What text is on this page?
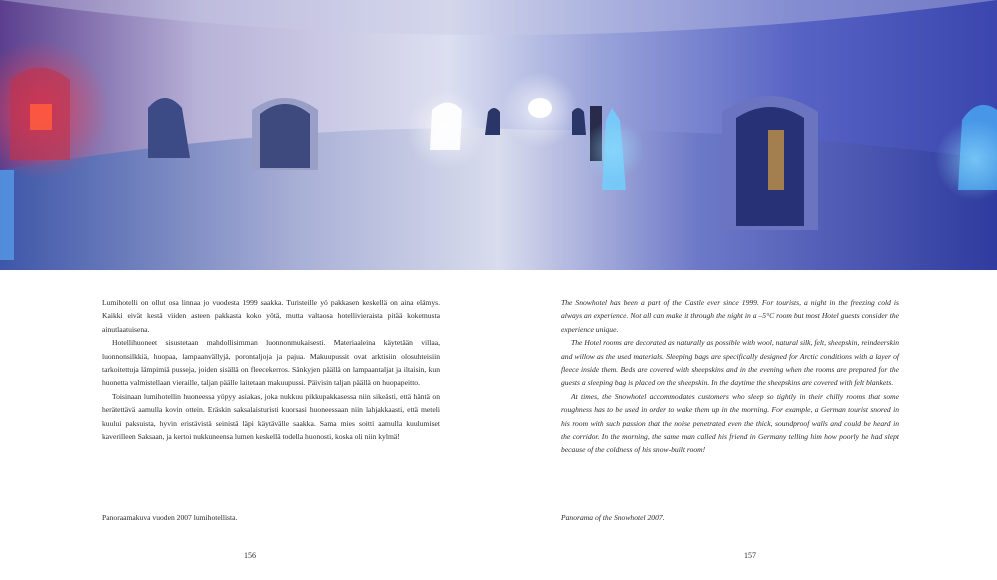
Lumihotelli on ollut osa linnaa jo vuodesta 1999 saakka. Turisteille yö pakkasen keskellä on aina elämys. Kaikki eivät kestä viiden asteen pakkasta koko yötä, mutta valtaosa hotellivieraista pitää kokemusta ainutlaatuisena.

Hotellihuoneet sisustetaan mahdollisimman luonnonmukaisesti. Materiaaleina käytetään villaa, luonnonsilkkiä, huopaa, lampaanvällyjä, porontaljoja ja pajua. Makuupussit ovat arktisiin olosuhteisiin tarkoitettuja lämpimiä pusseja, joiden sisällä on fleecekerros. Sänkyjen päällä on lampaantaljat ja iltaisin, kun huonetta valmistellaan vieraille, taljan päälle laitetaan makuupussi. Päivisin taljan päällä on huopapeitto.

Toisinaan lumihotellin huoneessa yöpyy asiakas, joka nukkuu pikkupakkasessa niin sikeästi, että häntä on herätettävä aamulla kovin ottein. Eräskin saksalaisturisti kuorsasi huoneessaan niin lahjakkaasti, että meteli kuului paksuista, hyvin eristävistä seinistä läpi käytävälle saakka. Sama mies soitti aamulla kuulumiset kaverilleen Saksaan, ja kertoi nukkuneensa lumen keskellä todella huonosti, koska oli niin kylmä!

The Snowhotel has been a part of the Castle ever since 1999. For tourists, a night in the freezing cold is always an experience. Not all can make it through the night in a –5°C room but most Hotel guests consider the experience unique.

The Hotel rooms are decorated as naturally as possible with wool, natural silk, felt, sheepskin, reindeerskin and willow as the used materials. Sleeping bags are specifically designed for Arctic conditions with a layer of fleece inside them. Beds are covered with sheepskins and in the evening when the rooms are prepared for the guests a sleeping bag is placed on the sheepskin. In the daytime the sheepskins are covered with felt blankets.

At times, the Snowhotel accommodates customers who sleep so tightly in their chilly rooms that some roughness has to be used in order to wake them up in the morning. For example, a German tourist snored in his room with such passion that the noise penetrated even the thick, soundproof walls and could be heard in the corridor. In the morning, the same man called his friend in Germany telling him how poorly he had slept because of the coldness of his snow-built room!

Panoraamakuva vuoden 2007 lumihotellista.	Panorama of the Snowhotel 2007.
156	157
